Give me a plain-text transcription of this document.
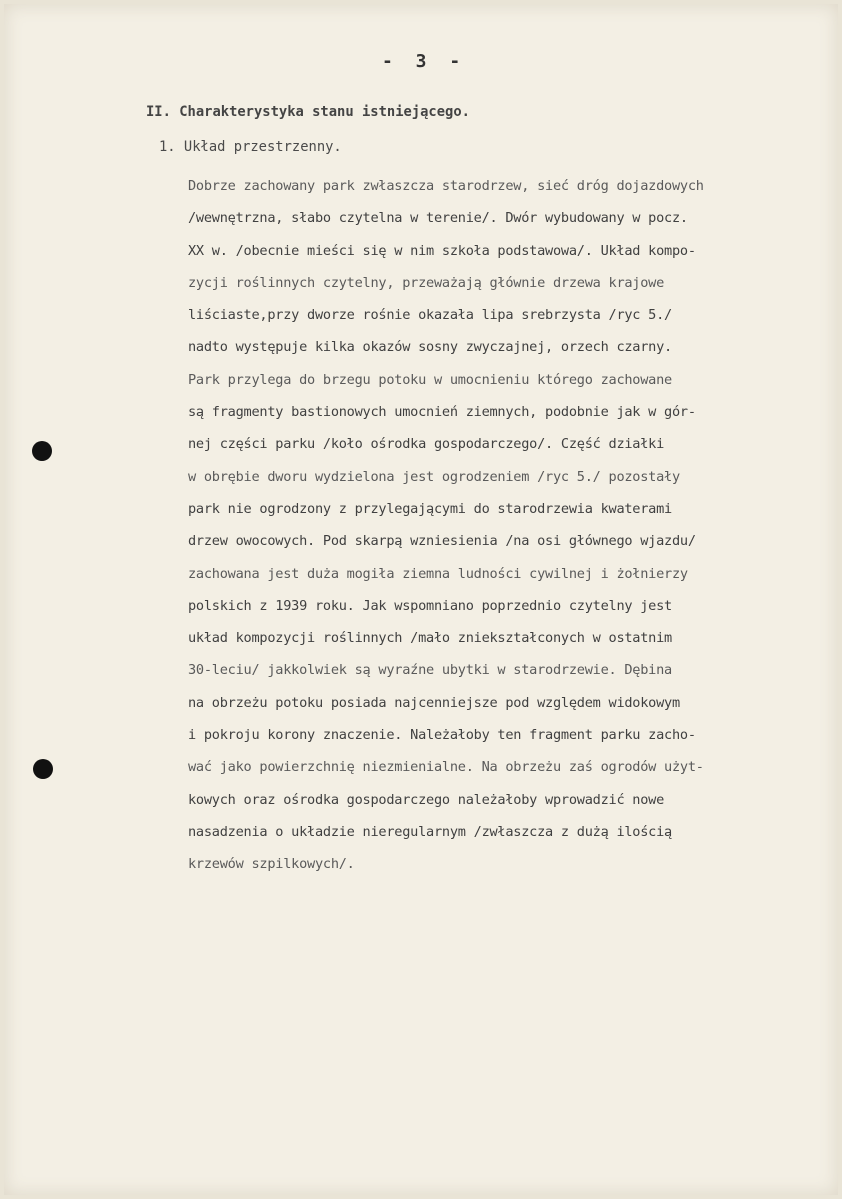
- 3 -
II. Charakterystyka stanu istniejącego.
1. Układ przestrzenny.
Dobrze zachowany park zwłaszcza starodrzew, sieć dróg dojazdowych
/wewnętrzna, słabo czytelna w terenie/. Dwór wybudowany w pocz.
XX w. /obecnie mieści się w nim szkoła podstawowa/. Układ kompo-
zycji roślinnych czytelny, przeważają głównie drzewa krajowe
liściaste,przy dworze rośnie okazała lipa srebrzysta /ryc 5./
nadto występuje kilka okazów sosny zwyczajnej, orzech czarny.
Park przylega do brzegu potoku w umocnieniu którego zachowane
są fragmenty bastionowych umocnień ziemnych, podobnie jak w gór-
nej części parku /koło ośrodka gospodarczego/. Część działki
w obrębie dworu wydzielona jest ogrodzeniem /ryc 5./ pozostały
park nie ogrodzony z przylegającymi do starodrzewia kwaterami
drzew owocowych. Pod skarpą wzniesienia /na osi głównego wjazdu/
zachowana jest duża mogiła ziemna ludności cywilnej i żołnierzy
polskich z 1939 roku. Jak wspomniano poprzednio czytelny jest
układ kompozycji roślinnych /mało zniekształconych w ostatnim
30-leciu/ jakkolwiek są wyraźne ubytki w starodrzewie. Dębina
na obrzeżu potoku posiada najcenniejsze pod względem widokowym
i pokroju korony znaczenie. Należałoby ten fragment parku zacho-
wać jako powierzchnię niezmienialne. Na obrzeżu zaś ogrodów użyt-
kowych oraz ośrodka gospodarczego należałoby wprowadzić nowe
nasadzenia o układzie nieregularnym /zwłaszcza z dużą ilością
krzewów szpilkowych/.
